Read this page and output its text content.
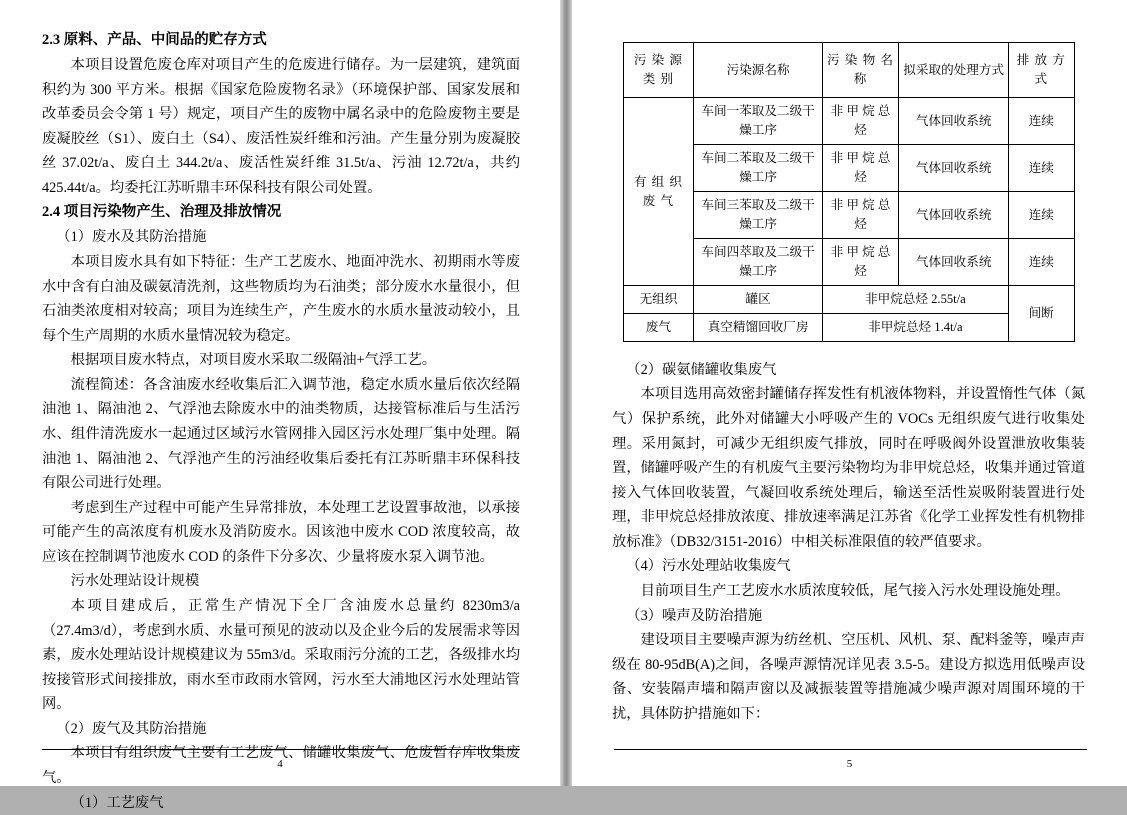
2.3 原料、产品、中间品的贮存方式

本项目设置危废仓库对项目产生的危废进行储存。为一层建筑，建筑面积约为 300 平方米。根据《国家危险废物名录》（环境保护部、国家发展和改革委员会令第 1 号）规定，项目产生的废物中属名录中的危险废物主要是废凝胶丝（S1）、废白土（S4）、废活性炭纤维和污油。产生量分别为废凝胶丝 37.02t/a、废白土 344.2t/a、废活性炭纤维 31.5t/a、污油 12.72t/a，共约 425.44t/a。均委托江苏昕鼎丰环保科技有限公司处置。

2.4 项目污染物产生、治理及排放情况

（1）废水及其防治措施

本项目废水具有如下特征：生产工艺废水、地面冲洗水、初期雨水等废水中含有白油及碳氨清洗剂，这些物质均为石油类；部分废水水量很小，但石油类浓度相对较高；项目为连续生产，产生废水的水质水量波动较小，且每个生产周期的水质水量情况较为稳定。

根据项目废水特点，对项目废水采取二级隔油+气浮工艺。

流程简述：各含油废水经收集后汇入调节池，稳定水质水量后依次经隔油池 1、隔油池 2、气浮池去除废水中的油类物质，达接管标准后与生活污水、组件清洗废水一起通过区域污水管网排入园区污水处理厂集中处理。隔油池 1、隔油池 2、气浮池产生的污油经收集后委托有江苏昕鼎丰环保科技有限公司进行处理。

考虑到生产过程中可能产生异常排放，本处理工艺设置事故池，以承接可能产生的高浓度有机废水及消防废水。因该池中废水 COD 浓度较高，故应该在控制调节池废水 COD 的条件下分多次、少量将废水泵入调节池。

污水处理站设计规模

本项目建成后，正常生产情况下全厂含油废水总量约 8230m3/a（27.4m3/d），考虑到水质、水量可预见的波动以及企业今后的发展需求等因素，废水处理站设计规模建议为 55m3/d。采取雨污分流的工艺，各级排水均按接管形式间接排放，雨水至市政雨水管网，污水至大浦地区污水处理站管网。

（2）废气及其防治措施

本项目有组织废气主要有工艺废气、储罐收集废气、危废暂存库收集废气。

（1）工艺废气

4
污 染 源 类 别	污染源名称	污 染 物 名 称	拟采取的处理方式	排 放 方 式
有 组 织 废 气	车间一苯取及二级干燥工序	非 甲 烷 总 烃	气体回收系统	连续
	车间二苯取及二级干燥工序	非 甲 烷 总 烃	气体回收系统	连续
	车间三苯取及二级干燥工序	非 甲 烷 总 烃	气体回收系统	连续
	车间四萃取及二级干燥工序	非 甲 烷 总 烃	气体回收系统	连续
无组织	罐区	非甲烷总烃 2.55t/a		间断
废气	真空精馏回收厂房	非甲烷总烃 1.4t/a		

（2）碳氨储罐收集废气

本项目选用高效密封罐储存挥发性有机液体物料，并设置惰性气体（氮气）保护系统，此外对储罐大小呼吸产生的 VOCs 无组织废气进行收集处理。采用氮封，可减少无组织废气排放，同时在呼吸阀外设置泄放收集装置，储罐呼吸产生的有机废气主要污染物均为非甲烷总烃，收集并通过管道接入气体回收装置，气凝回收系统处理后，输送至活性炭吸附装置进行处理，非甲烷总烃排放浓度、排放速率满足江苏省《化学工业挥发性有机物排放标准》（DB32/3151-2016）中相关标准限值的较严值要求。

（4）污水处理站收集废气

目前项目生产工艺废水水质浓度较低，尾气接入污水处理设施处理。

（3）噪声及防治措施

建设项目主要噪声源为纺丝机、空压机、风机、泵、配料釜等，噪声声级在 80-95dB(A)之间，各噪声源情况详见表 3.5-5。建设方拟选用低噪声设备、安装隔声墙和隔声窗以及减振装置等措施减少噪声源对周围环境的干扰，具体防护措施如下：

5
